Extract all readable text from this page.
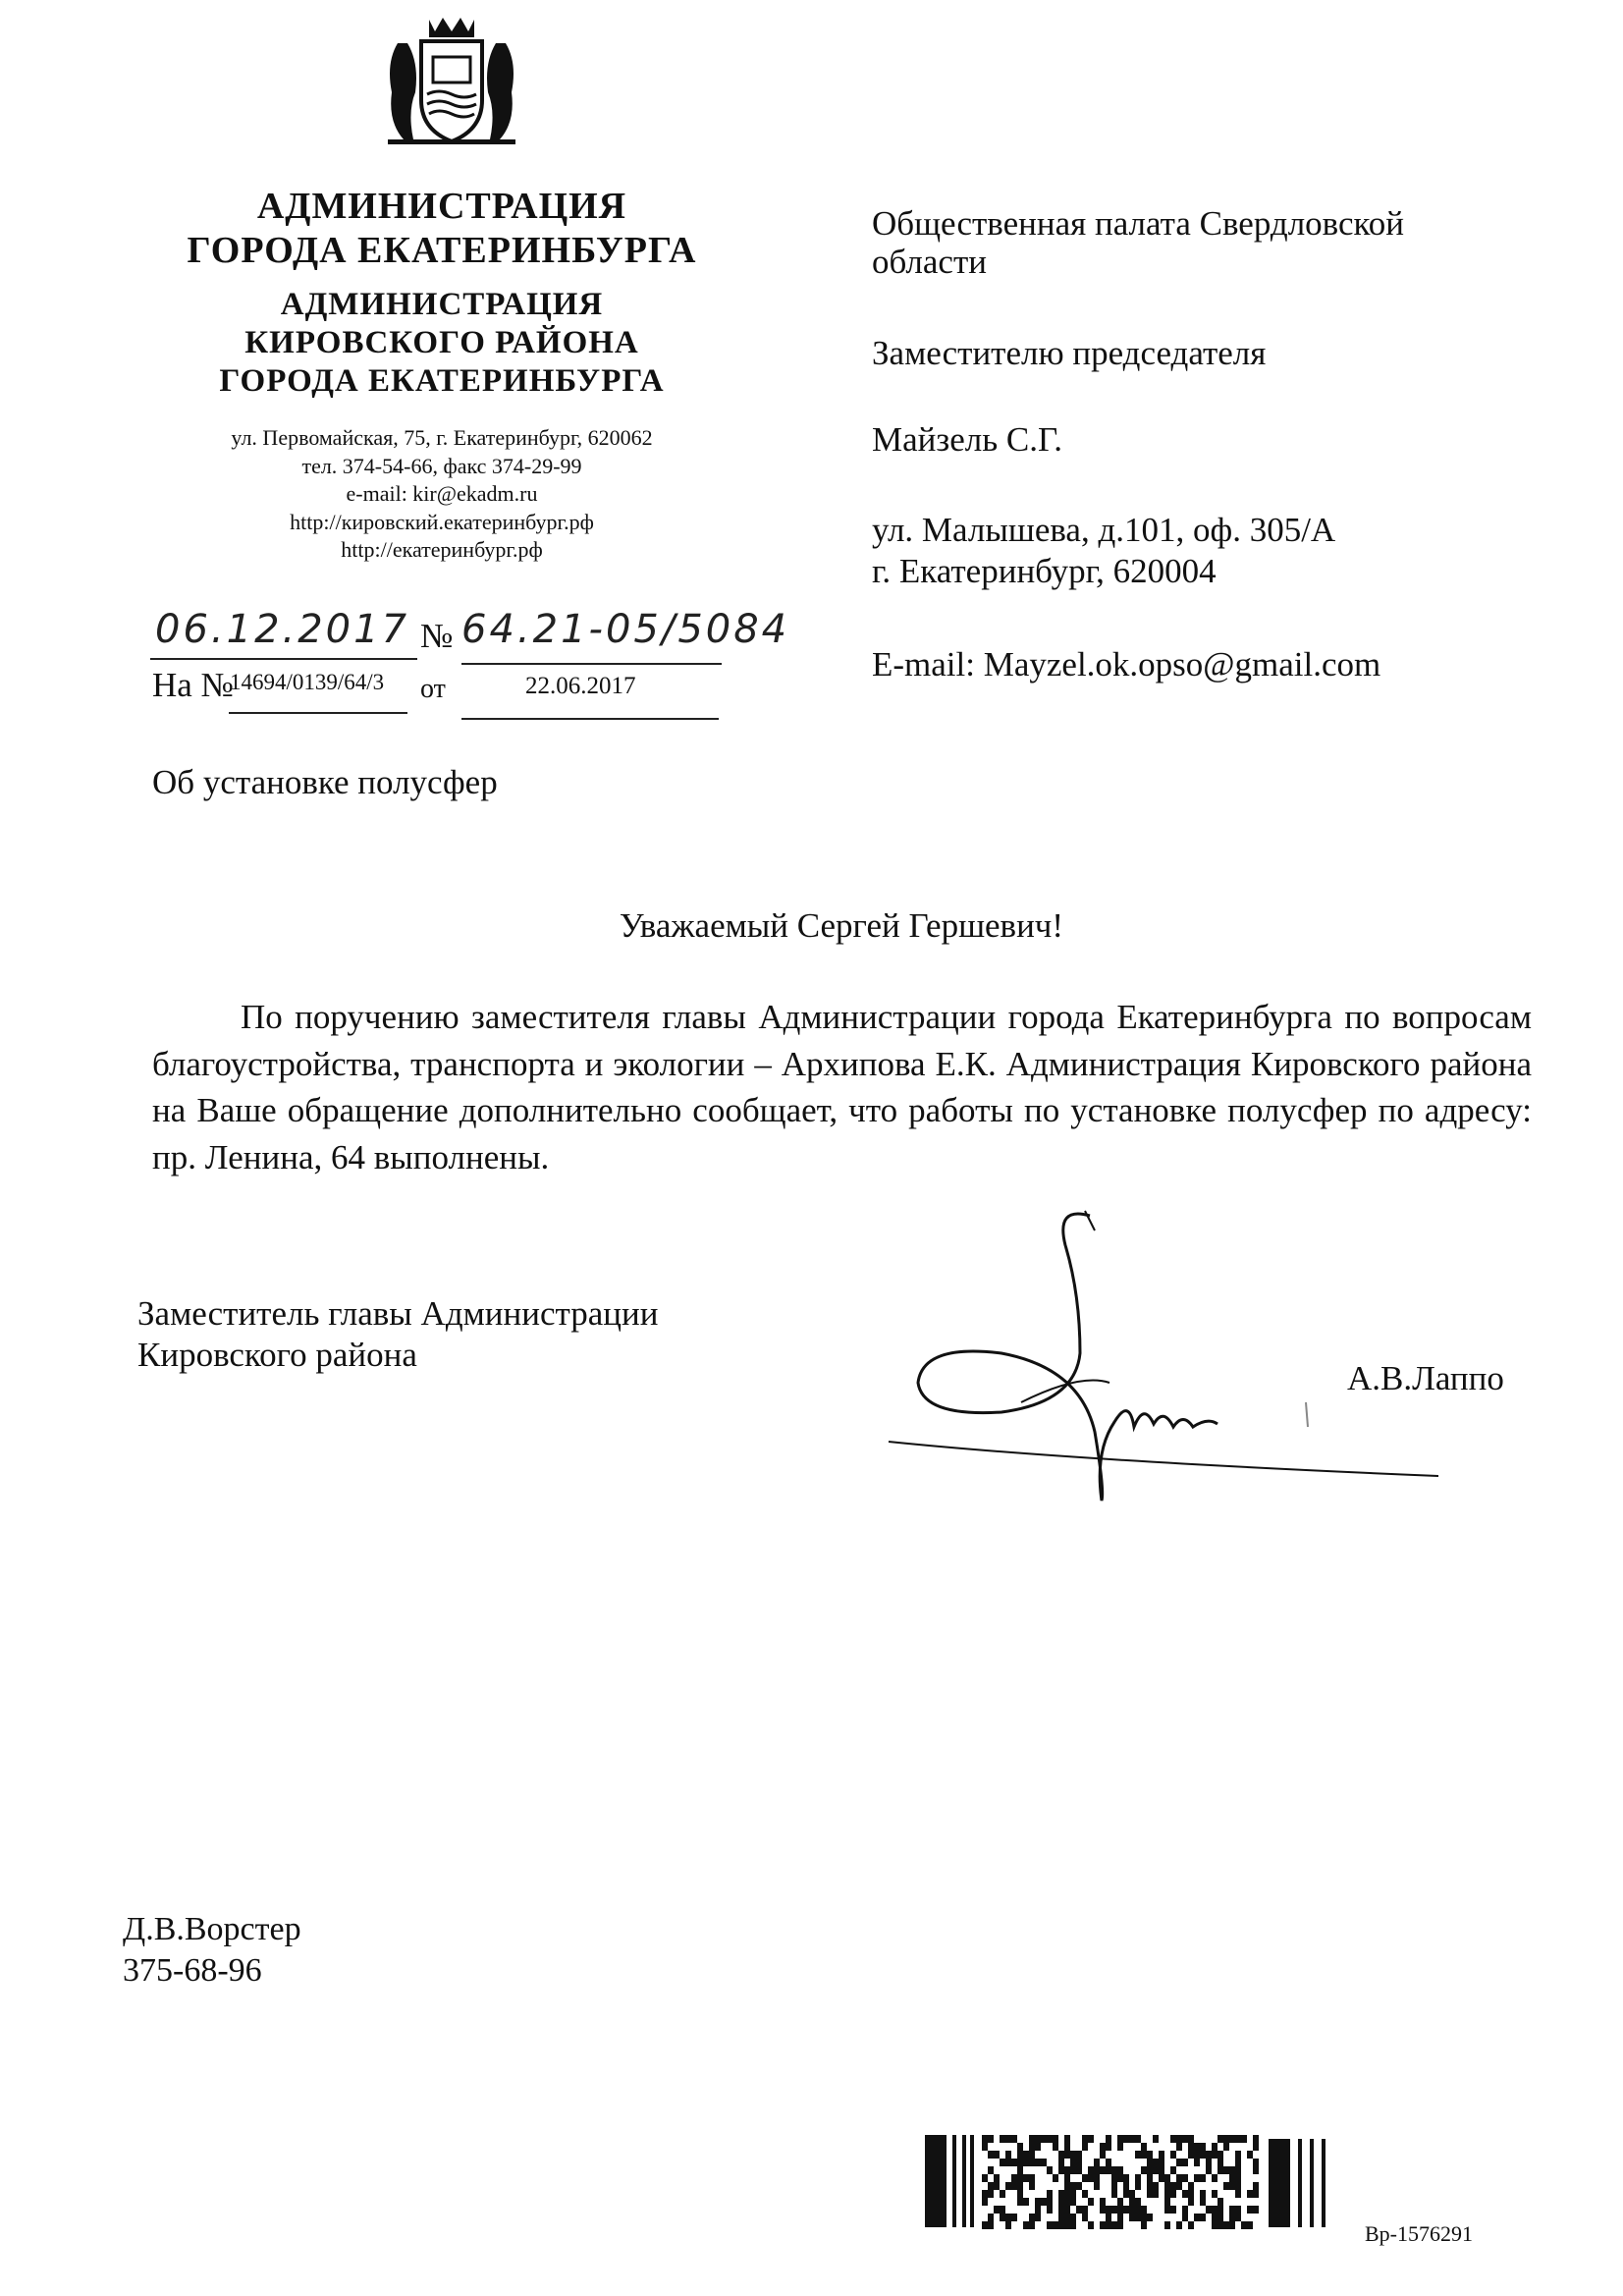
АДМИНИСТРАЦИЯ
ГОРОДА ЕКАТЕРИНБУРГА
АДМИНИСТРАЦИЯ
КИРОВСКОГО РАЙОНА
ГОРОДА ЕКАТЕРИНБУРГА
ул. Первомайская, 75, г. Екатеринбург, 620062
тел. 374-54-66, факс 374-29-99
e-mail: kir@ekadm.ru
http://кировский.екатеринбург.рф
http://екатеринбург.рф
06.12.2017 № 64.21-05/5084
На №
14694/0139/64/3 от	22.06.2017
Общественная палата Свердловской
области
Заместителю председателя
Майзель С.Г.
ул. Малышева, д.101, оф. 305/А
г. Екатеринбург, 620004
E-mail: Mayzel.ok.opso@gmail.com
Об установке полусфер
Уважаемый Сергей Гершевич!
По поручению заместителя главы Администрации города Екатеринбурга по вопросам благоустройства, транспорта и экологии – Архипова Е.К. Администрация Кировского района на Ваше обращение дополнительно сообщает, что работы по установке полусфер по адресу: пр. Ленина, 64 выполнены.
Заместитель главы Администрации
Кировского района
А.В.Лаппо
Д.В.Ворстер
375-68-96
Вр-1576291
